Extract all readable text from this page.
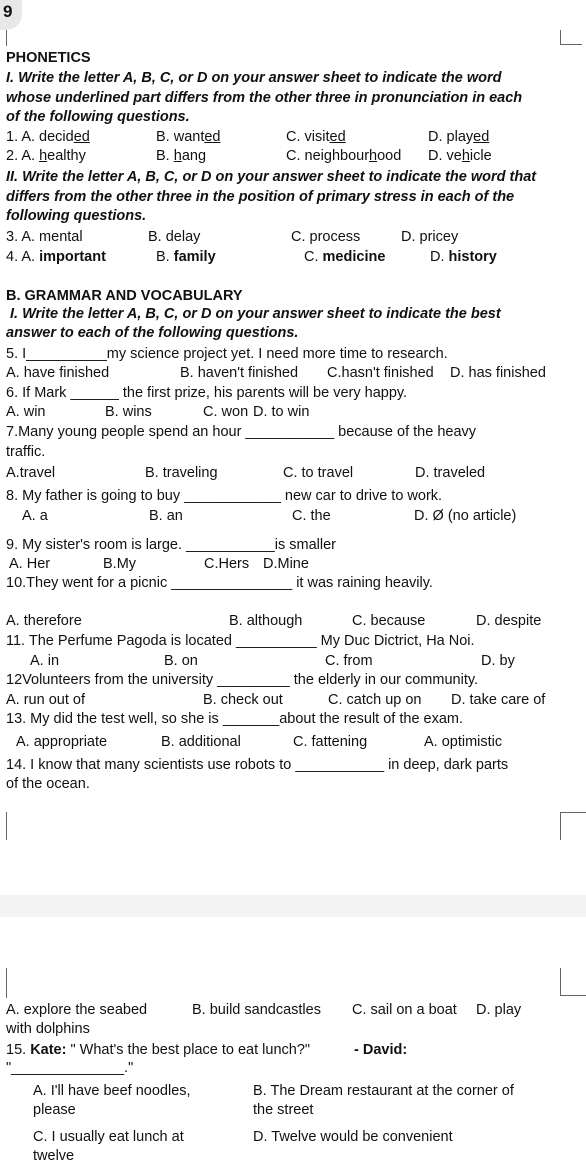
9
PHONETICS
I. Write the letter A, B, C, or D on your answer sheet to indicate the word
whose underlined part differs from the other three in pronunciation in each
of the following questions.
1. A. decided	B. wanted	C. visited	D. played
2. A. healthy	B. hang	C. neighbourhood D. vehicle
II. Write the letter A, B, C, or D on your answer sheet to indicate the word that
differs from the other three in the position of primary stress in each of the
following questions.
3. A. mental	B. delay	C. process	D. pricey
4. A. important	B. family	C. medicine	D. history
B. GRAMMAR AND VOCABULARY
I. Write the letter A, B, C, or D on your answer sheet to indicate the best
answer to each of the following questions.
5. I__________my science project yet. I need more time to research.
A. have finished	B. haven't finished C.hasn't finished D. has finished
6. If Mark ______ the first prize, his parents will be very happy.
A. win	B. wins	C. won D. to win
7.Many young people spend an hour ___________ because of the heavy
traffic.
A.travel	B. traveling	C. to travel	D. traveled
8. My father is going to buy ____________ new car to drive to work.
A. a	B. an	C. the	D. Ø (no article)
9. My sister's room is large. ___________is smaller
A. Her	B.My	C.Hers D.Mine
10.They went for a picnic _______________ it was raining heavily.
A. therefore	B. although	C. because	D. despite
11. The Perfume Pagoda is located __________ My Duc Dictrict, Ha Noi.
A. in	B. on	C. from	D. by
12Volunteers from the university _________ the elderly in our community.
A. run out of	B. check out	C. catch up on D. take care of
13. My did the test well, so she is _______about the result of the exam.
A. appropriate	B. additional	C. fattening	A. optimistic
14. I know that many scientists use robots to ___________ in deep, dark parts
of the ocean.
A. explore the seabed	B. build sandcastles C. sail on a boat D. play
with dolphins
15. Kate: " What's the best place to eat lunch?"	- David:
"______________."
A. I'll have beef noodles,
please
B. The Dream restaurant at the corner of
the street
C. I usually eat lunch at
twelve
D. Twelve would be convenient
